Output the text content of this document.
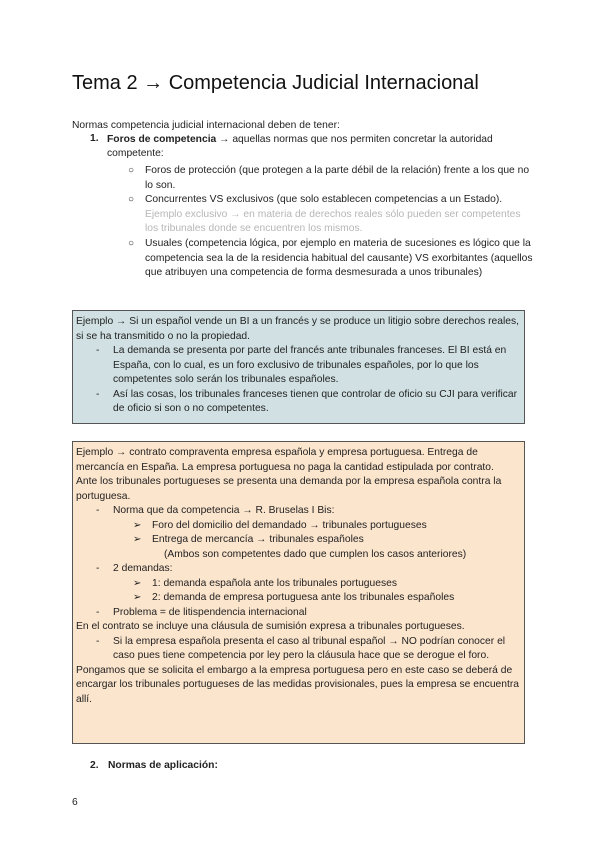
Tema 2 → Competencia Judicial Internacional
Normas competencia judicial internacional deben de tener:
1. Foros de competencia → aquellas normas que nos permiten concretar la autoridad competente:
○ Foros de protección (que protegen a la parte débil de la relación) frente a los que no lo son.
○ Concurrentes VS exclusivos (que solo establecen competencias a un Estado). Ejemplo exclusivo → en materia de derechos reales sólo pueden ser competentes los tribunales donde se encuentren los mismos.
○ Usuales (competencia lógica, por ejemplo en materia de sucesiones es lógico que la competencia sea la de la residencia habitual del causante) VS exorbitantes (aquellos que atribuyen una competencia de forma desmesurada a unos tribunales)
Ejemplo → Si un español vende un BI a un francés y se produce un litigio sobre derechos reales, si se ha transmitido o no la propiedad.
- La demanda se presenta por parte del francés ante tribunales franceses. El BI está en España, con lo cual, es un foro exclusivo de tribunales españoles, por lo que los competentes solo serán los tribunales españoles.
- Así las cosas, los tribunales franceses tienen que controlar de oficio su CJI para verificar de oficio si son o no competentes.
Ejemplo → contrato compraventa empresa española y empresa portuguesa. Entrega de mercancía en España. La empresa portuguesa no paga la cantidad estipulada por contrato.
Ante los tribunales portugueses se presenta una demanda por la empresa española contra la portuguesa.
- Norma que da competencia → R. Bruselas I Bis:
➢ Foro del domicilio del demandado → tribunales portugueses
➢ Entrega de mercancía → tribunales españoles
(Ambos son competentes dado que cumplen los casos anteriores)
- 2 demandas:
➢ 1: demanda española ante los tribunales portugueses
➢ 2: demanda de empresa portuguesa ante los tribunales españoles
- Problema = de litispendencia internacional
En el contrato se incluye una cláusula de sumisión expresa a tribunales portugueses.
- Si la empresa española presenta el caso al tribunal español → NO podrían conocer el caso pues tiene competencia por ley pero la cláusula hace que se derogue el foro.
Pongamos que se solicita el embargo a la empresa portuguesa pero en este caso se deberá de encargar los tribunales portugueses de las medidas provisionales, pues la empresa se encuentra allí.
2. Normas de aplicación:
6
